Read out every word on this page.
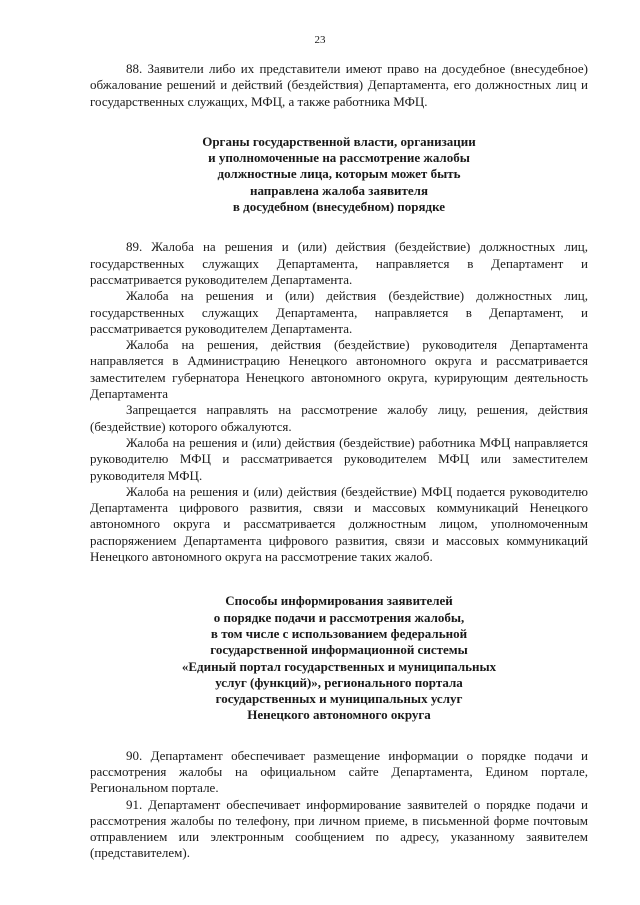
23

88. Заявители либо их представители имеют право на досудебное (внесудебное) обжалование решений и действий (бездействия) Департамента, его должностных лиц и государственных служащих, МФЦ, а также работника МФЦ.

Органы государственной власти, организации
и уполномоченные на рассмотрение жалобы
должностные лица, которым может быть
направлена жалоба заявителя
в досудебном (внесудебном) порядке

89. Жалоба на решения и (или) действия (бездействие) должностных лиц, государственных служащих Департамента, направляется в Департамент и рассматривается руководителем Департамента.

Жалоба на решения и (или) действия (бездействие) должностных лиц, государственных служащих Департамента, направляется в Департамент, и рассматривается руководителем Департамента.

Жалоба на решения, действия (бездействие) руководителя Департамента направляется в Администрацию Ненецкого автономного округа и рассматривается заместителем губернатора Ненецкого автономного округа, курирующим деятельность Департамента

Запрещается направлять на рассмотрение жалобу лицу, решения, действия (бездействие) которого обжалуются.

Жалоба на решения и (или) действия (бездействие) работника МФЦ направляется руководителю МФЦ и рассматривается руководителем МФЦ или заместителем руководителя МФЦ.

Жалоба на решения и (или) действия (бездействие) МФЦ подается руководителю Департамента цифрового развития, связи и массовых коммуникаций Ненецкого автономного округа и рассматривается должностным лицом, уполномоченным распоряжением Департамента цифрового развития, связи и массовых коммуникаций Ненецкого автономного округа на рассмотрение таких жалоб.

Способы информирования заявителей
о порядке подачи и рассмотрения жалобы,
в том числе с использованием федеральной
государственной информационной системы
«Единый портал государственных и муниципальных
услуг (функций)», регионального портала
государственных и муниципальных услуг
Ненецкого автономного округа

90. Департамент обеспечивает размещение информации о порядке подачи и рассмотрения жалобы на официальном сайте Департамента, Едином портале, Региональном портале.

91. Департамент обеспечивает информирование заявителей о порядке подачи и рассмотрения жалобы по телефону, при личном приеме, в письменной форме почтовым отправлением или электронным сообщением по адресу, указанному заявителем (представителем).
